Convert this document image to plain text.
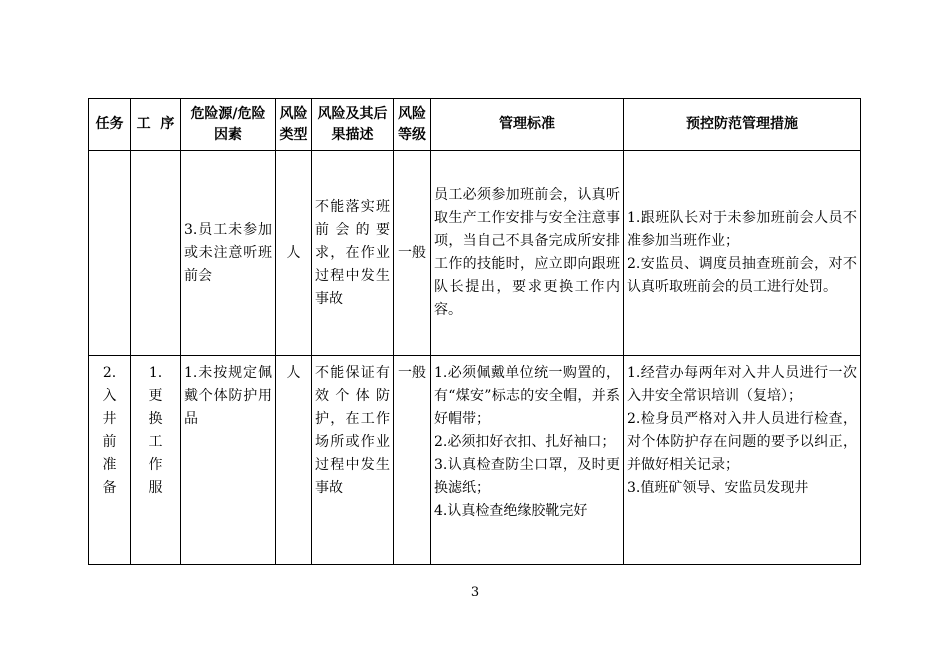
任务	工  序	危险源/危险因素	风险类型	风险及其后果描述	风险等级	管理标准	预控防范管理措施
		3.员工未参加或未注意听班前会	人	不能落实班前会的要求，在作业过程中发生事故	一般	员工必须参加班前会，认真听取生产工作安排与安全注意事项，当自己不具备完成所安排工作的技能时，应立即向跟班队长提出，要求更换工作内容。	1.跟班队长对于未参加班前会人员不准参加当班作业；
2.安监员、调度员抽查班前会，对不认真听取班前会的员工进行处罚。

2.入井前准备	1.更换工作服	1.未按规定佩戴个体防护用品	人	不能保证有效个体防护，在工作场所或作业过程中发生事故	一般	1.必须佩戴单位统一购置的，有“煤安”标志的安全帽，并系好帽带；
2.必须扣好衣扣、扎好袖口；
3.认真检查防尘口罩，及时更换滤纸；
4.认真检查绝缘胶靴完好	1.经营办每两年对入井人员进行一次入井安全常识培训（复培）；
2.检身员严格对入井人员进行检查，对个体防护存在问题的要予以纠正，并做好相关记录；
3.值班矿领导、安监员发现井
3
